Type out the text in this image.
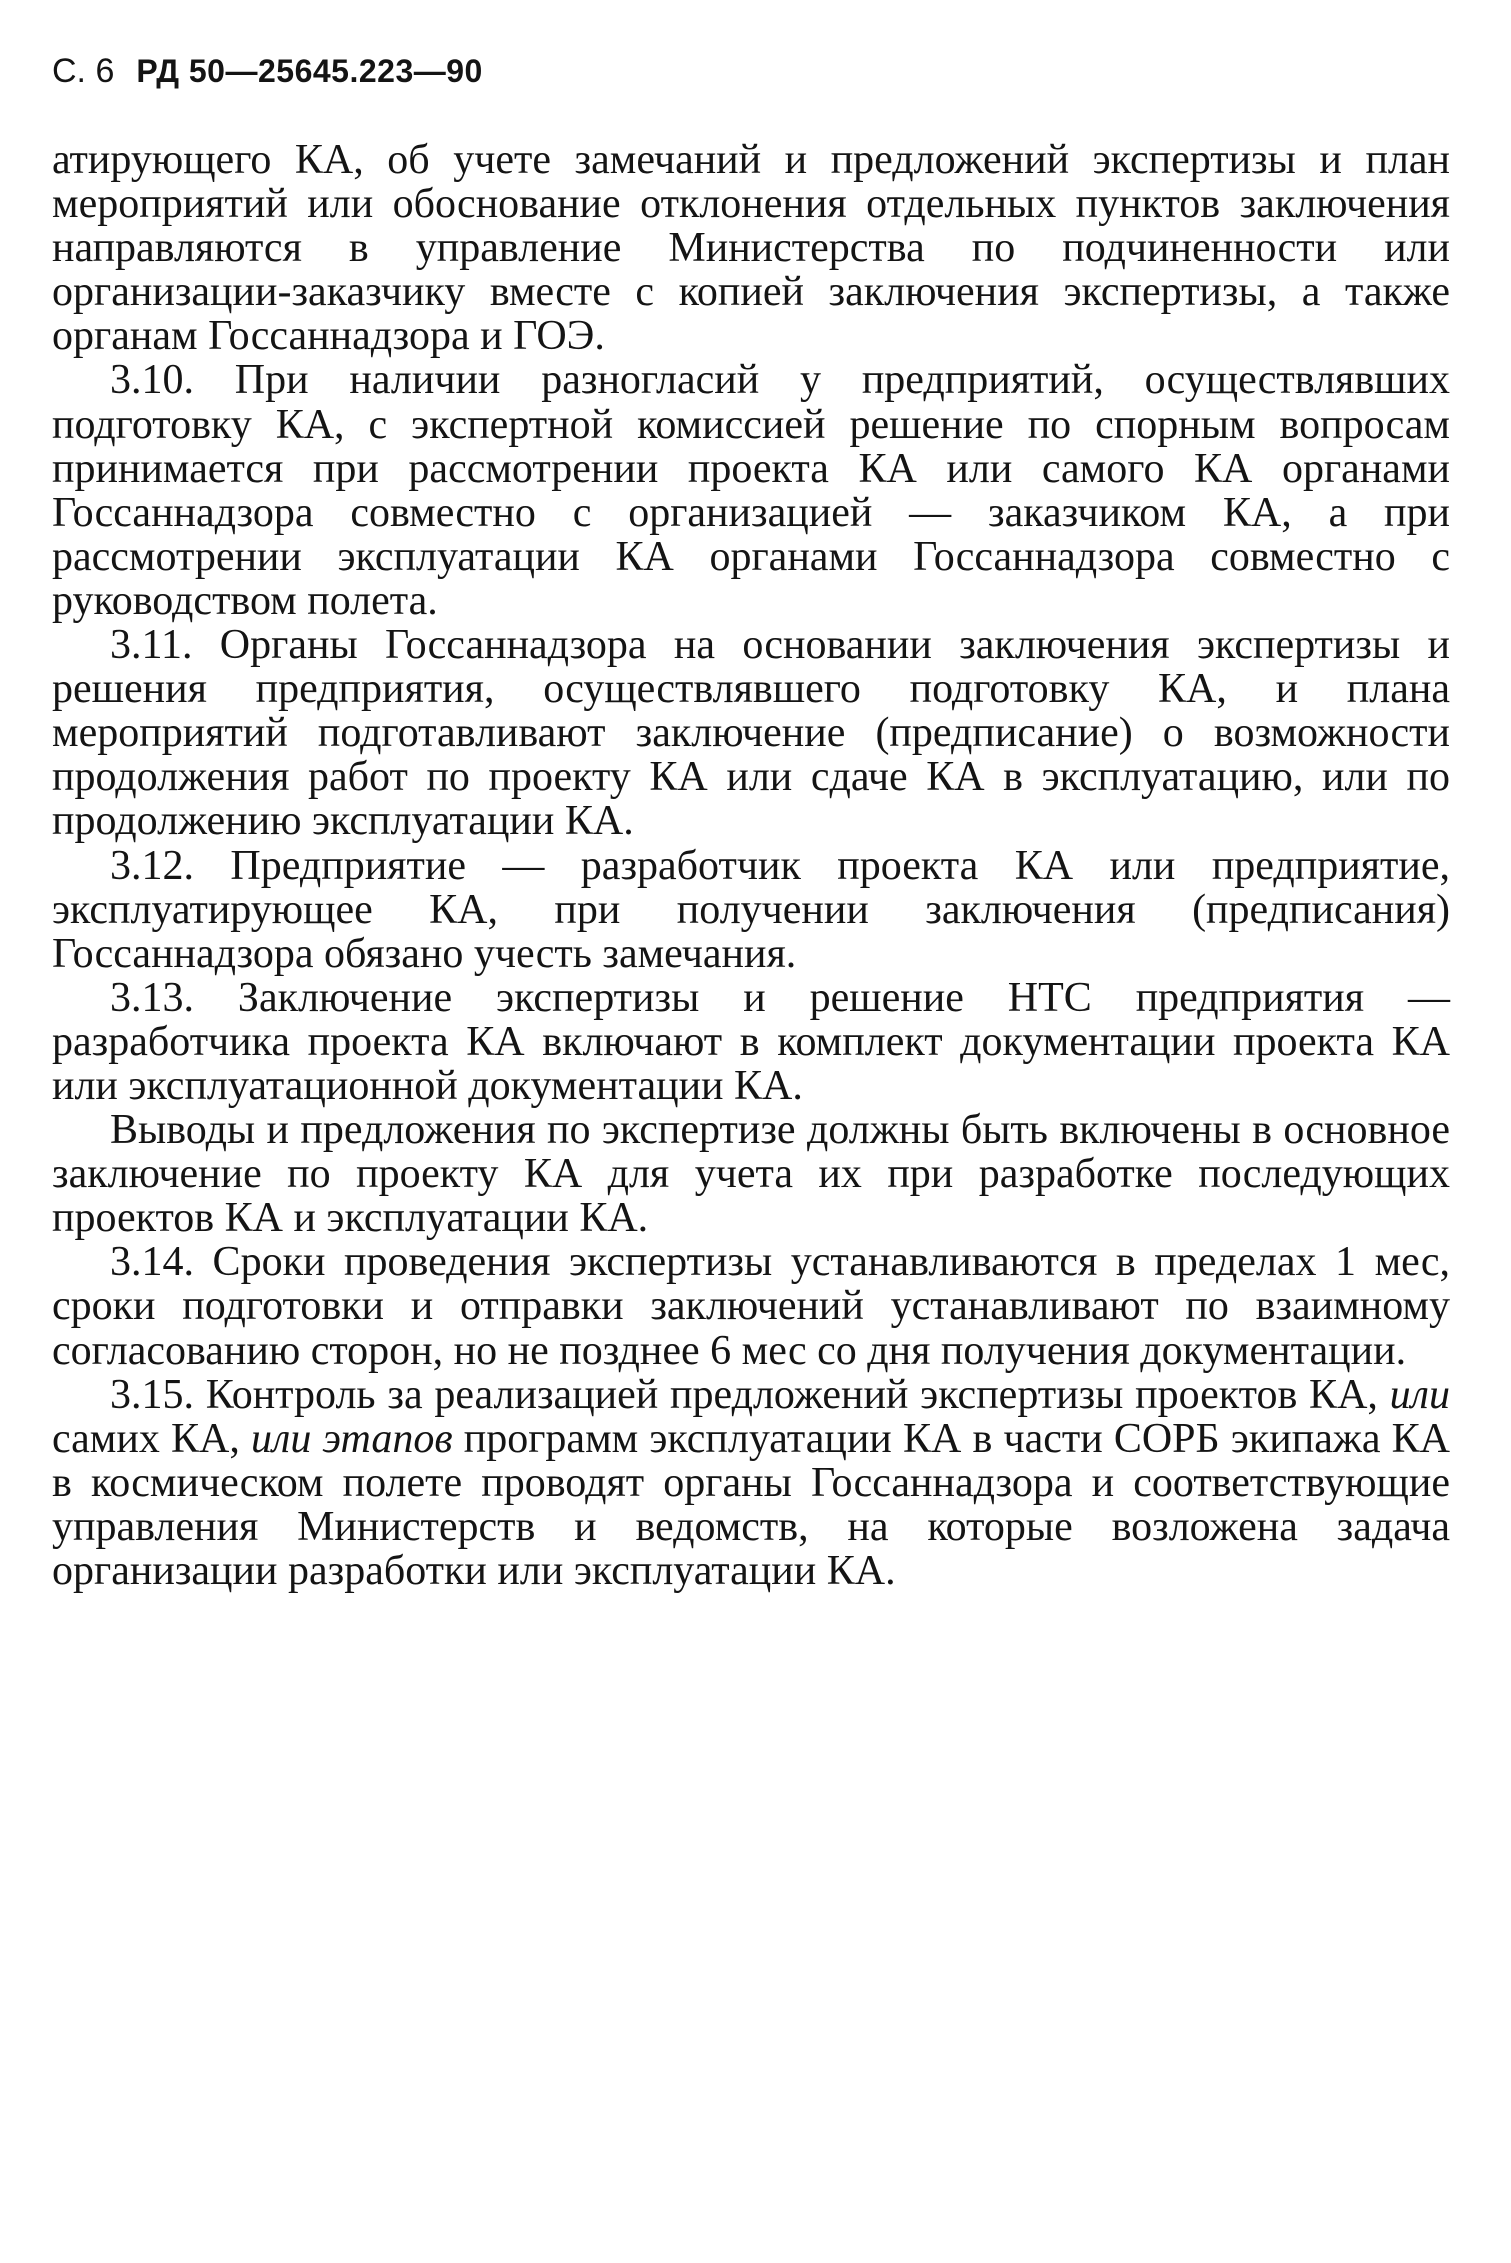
С. 6 РД 50—25645.223—90

атирующего КА, об учете замечаний и предложений экспертизы и план мероприятий или обоснование отклонения отдельных пунктов заключения направляются в управление Министерства по подчиненности или организации-заказчику вместе с копией заключения экспертизы, а также органам Госсаннадзора и ГОЭ.

3.10. При наличии разногласий у предприятий, осуществлявших подготовку КА, с экспертной комиссией решение по спорным вопросам принимается при рассмотрении проекта КА или самого КА органами Госсаннадзора совместно с организацией — заказчиком КА, а при рассмотрении эксплуатации КА органами Госсаннадзора совместно с руководством полета.

3.11. Органы Госсаннадзора на основании заключения экспертизы и решения предприятия, осуществлявшего подготовку КА, и плана мероприятий подготавливают заключение (предписание) о возможности продолжения работ по проекту КА или сдаче КА в эксплуатацию, или по продолжению эксплуатации КА.

3.12. Предприятие — разработчик проекта КА или предприятие, эксплуатирующее КА, при получении заключения (предписания) Госсаннадзора обязано учесть замечания.

3.13. Заключение экспертизы и решение НТС предприятия — разработчика проекта КА включают в комплект документации проекта КА или эксплуатационной документации КА.

Выводы и предложения по экспертизе должны быть включены в основное заключение по проекту КА для учета их при разработке последующих проектов КА и эксплуатации КА.

3.14. Сроки проведения экспертизы устанавливаются в пределах 1 мес, сроки подготовки и отправки заключений устанавливают по взаимному согласованию сторон, но не позднее 6 мес со дня получения документации.

3.15. Контроль за реализацией предложений экспертизы проектов КА, или самих КА, или этапов программ эксплуатации КА в части СОРБ экипажа КА в космическом полете проводят органы Госсаннадзора и соответствующие управления Министерств и ведомств, на которые возложена задача организации разработки или эксплуатации КА.
